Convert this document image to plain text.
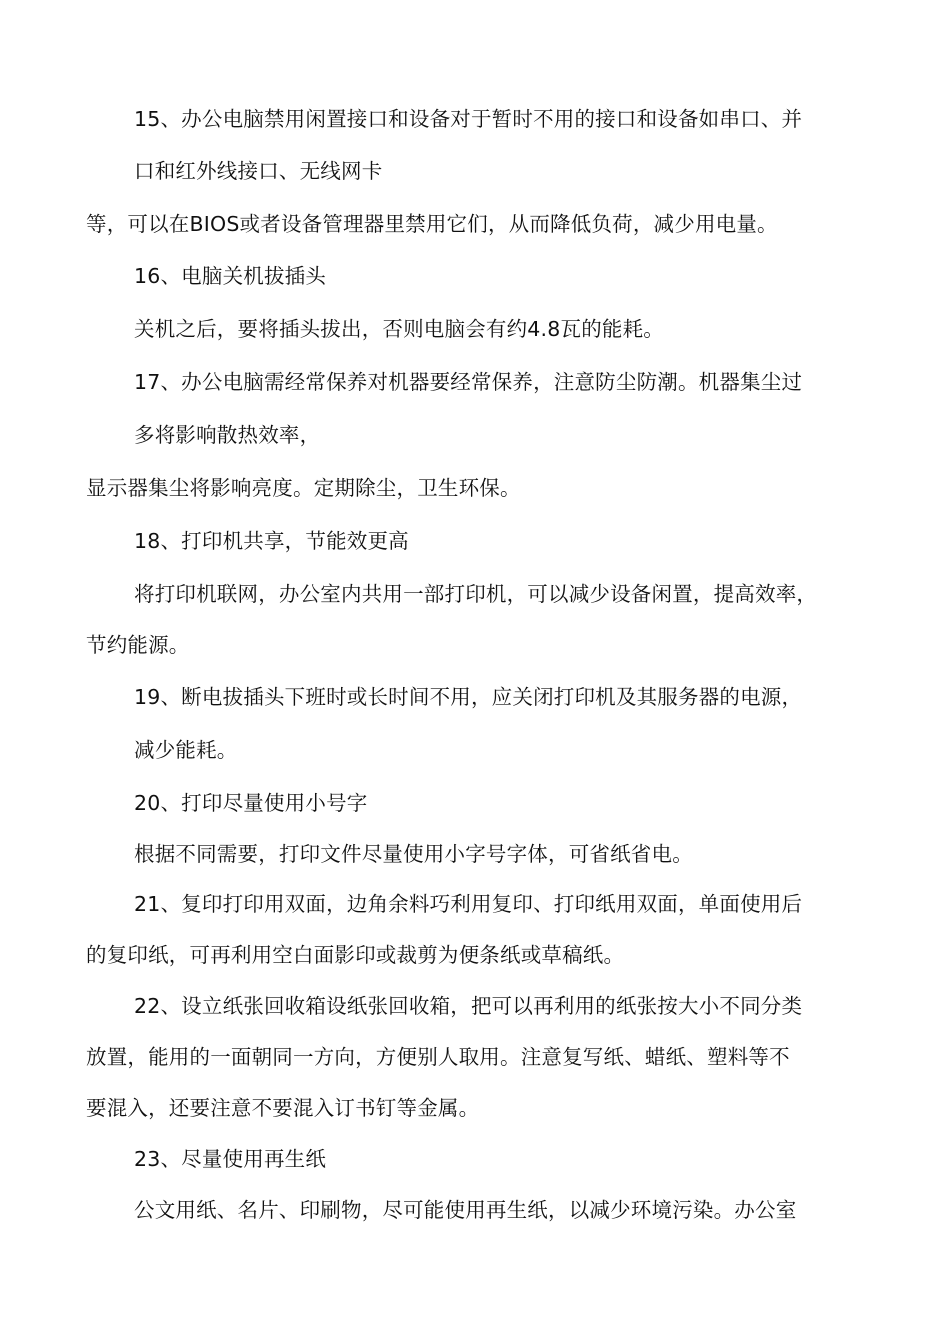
15、办公电脑禁用闲置接口和设备对于暂时不用的接口和设备如串口、并
口和红外线接口、无线网卡
等，可以在BIOS或者设备管理器里禁用它们，从而降低负荷，减少用电量。
16、电脑关机拔插头
关机之后，要将插头拔出，否则电脑会有约4.8瓦的能耗。
17、办公电脑需经常保养对机器要经常保养，注意防尘防潮。机器集尘过
多将影响散热效率，
显示器集尘将影响亮度。定期除尘，卫生环保。
18、打印机共享，节能效更高
将打印机联网，办公室内共用一部打印机，可以减少设备闲置，提高效率，
节约能源。
19、断电拔插头下班时或长时间不用，应关闭打印机及其服务器的电源，
减少能耗。
20、打印尽量使用小号字
根据不同需要，打印文件尽量使用小字号字体，可省纸省电。
21、复印打印用双面，边角余料巧利用复印、打印纸用双面，单面使用后
的复印纸，可再利用空白面影印或裁剪为便条纸或草稿纸。
22、设立纸张回收箱设纸张回收箱，把可以再利用的纸张按大小不同分类
放置，能用的一面朝同一方向，方便别人取用。注意复写纸、蜡纸、塑料等不
要混入，还要注意不要混入订书钉等金属。
23、尽量使用再生纸
公文用纸、名片、印刷物，尽可能使用再生纸，以减少环境污染。办公室
